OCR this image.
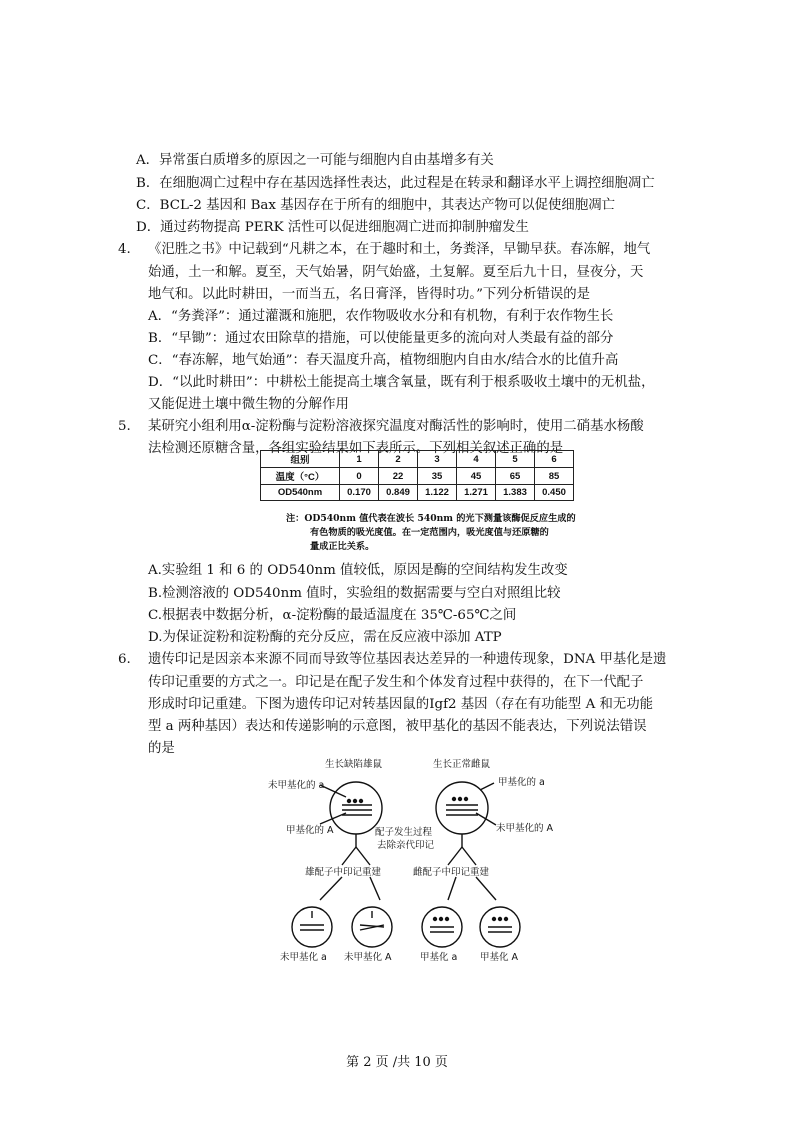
A．异常蛋白质增多的原因之一可能与细胞内自由基增多有关
B．在细胞凋亡过程中存在基因选择性表达，此过程是在转录和翻译水平上调控细胞凋亡
C．BCL-2 基因和 Bax 基因存在于所有的细胞中，其表达产物可以促使细胞凋亡
D．通过药物提高 PERK 活性可以促进细胞凋亡进而抑制肿瘤发生
4. 《汜胜之书》中记载到“凡耕之本，在于趣时和土，务粪泽，早锄早获。春冻解，地气
始通，土一和解。夏至，天气始暑，阴气始盛，土复解。夏至后九十日，昼夜分，天
地气和。以此时耕田，一而当五，名日膏泽，皆得时功。”下列分析错误的是
A．“务粪泽”：通过灌溉和施肥，农作物吸收水分和有机物，有利于农作物生长
B．“早锄”：通过农田除草的措施，可以使能量更多的流向对人类最有益的部分
C．“春冻解，地气始通”：春天温度升高，植物细胞内自由水/结合水的比值升高
D．“以此时耕田”：中耕松土能提高土壤含氧量，既有利于根系吸收土壤中的无机盐，
又能促进土壤中微生物的分解作用
5. 某研究小组利用α-淀粉酶与淀粉溶液探究温度对酶活性的影响时，使用二硝基水杨酸
法检测还原糖含量，各组实验结果如下表所示。下列相关叙述正确的是
组别	1	2	3	4	5	6
温度（°C）	0	22	35	45	65	85
OD540nm	0.170	0.849	1.122	1.271	1.383	0.450
注：OD540nm 值代表在波长 540nm 的光下测量该酶促反应生成的
有色物质的吸光度值。在一定范围内，吸光度值与还原糖的
量成正比关系。
A.实验组 1 和 6 的 OD540nm 值较低，原因是酶的空间结构发生改变
B.检测溶液的 OD540nm 值时，实验组的数据需要与空白对照组比较
C.根据表中数据分析，α-淀粉酶的最适温度在 35℃-65℃之间
D.为保证淀粉和淀粉酶的充分反应，需在反应液中添加 ATP
6. 遗传印记是因亲本来源不同而导致等位基因表达差异的一种遗传现象，DNA 甲基化是遗
传印记重要的方式之一。印记是在配子发生和个体发育过程中获得的，在下一代配子
形成时印记重建。下图为遗传印记对转基因鼠的Ⅰgf2 基因（存在有功能型 A 和无功能
型 a 两种基因）表达和传递影响的示意图，被甲基化的基因不能表达，下列说法错误
的是
生长缺陷雄鼠	生长正常雌鼠
未甲基化的 a	甲基化的 a
甲基化的 A	未甲基化的 A
配子发生过程
去除亲代印记
雄配子中印记重建	雌配子中印记重建
未甲基化 a 未甲基化 A	甲基化 a 甲基化 A
第 2 页 /共 10 页
